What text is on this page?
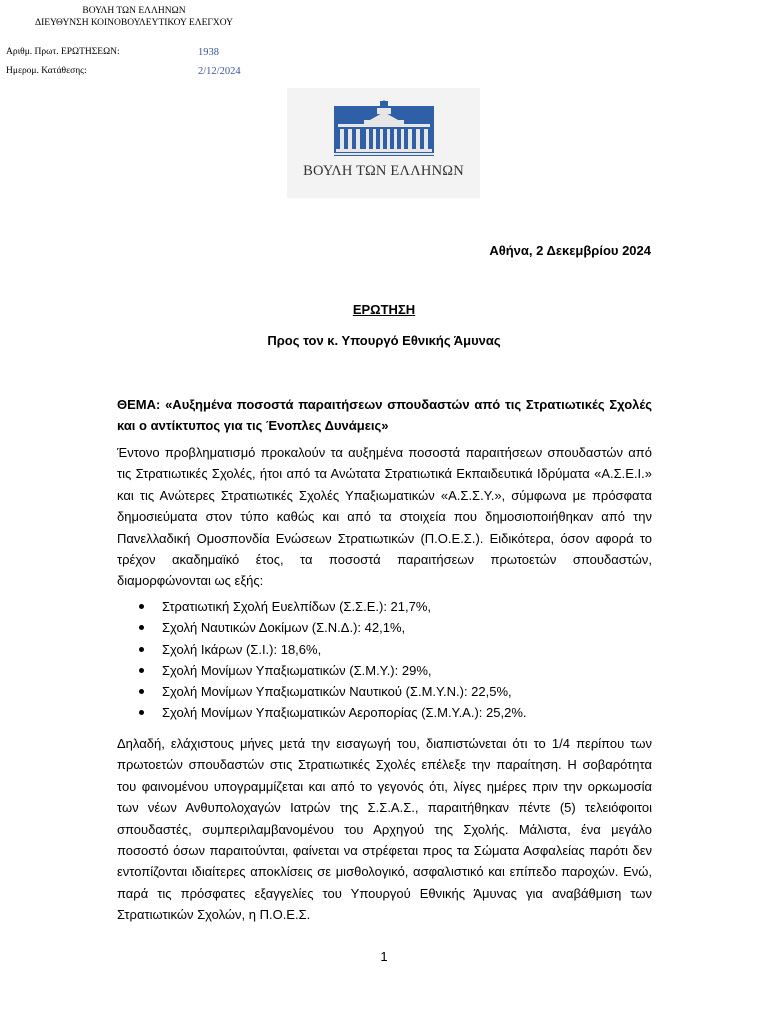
ΒΟΥΛΗ ΤΩΝ ΕΛΛΗΝΩΝ
ΔΙΕΥΘΥΝΣΗ ΚΟΙΝΟΒΟΥΛΕΥΤΙΚΟΥ ΕΛΕΓΧΟΥ
Αριθμ. Πρωτ. ΕΡΩΤΗΣΕΩΝ:	1938
Ημερομ. Κατάθεσης:	2/12/2024
ΒΟΥΛΗ ΤΩΝ ΕΛΛΗΝΩΝ
Αθήνα, 2 Δεκεμβρίου 2024
ΕΡΩΤΗΣΗ
Προς τον κ. Υπουργό Εθνικής Άμυνας
ΘΕΜΑ: «Αυξημένα ποσοστά παραιτήσεων σπουδαστών από τις Στρατιωτικές Σχολές και ο αντίκτυπος για τις Ένοπλες Δυνάμεις»
Έντονο προβληματισμό προκαλούν τα αυξημένα ποσοστά παραιτήσεων σπουδαστών από τις Στρατιωτικές Σχολές, ήτοι από τα Ανώτατα Στρατιωτικά Εκπαιδευτικά Ιδρύματα «Α.Σ.Ε.Ι.» και τις Ανώτερες Στρατιωτικές Σχολές Υπαξιωματικών «Α.Σ.Σ.Υ.», σύμφωνα με πρόσφατα δημοσιεύματα στον τύπο καθώς και από τα στοιχεία που δημοσιοποιήθηκαν από την Πανελλαδική Ομοσπονδία Ενώσεων Στρατιωτικών (Π.Ο.Ε.Σ.). Ειδικότερα, όσον αφορά το τρέχον ακαδημαϊκό έτος, τα ποσοστά παραιτήσεων πρωτοετών σπουδαστών, διαμορφώνονται ως εξής:
Στρατιωτική Σχολή Ευελπίδων (Σ.Σ.Ε.): 21,7%,
Σχολή Ναυτικών Δοκίμων (Σ.Ν.Δ.): 42,1%,
Σχολή Ικάρων (Σ.Ι.): 18,6%,
Σχολή Μονίμων Υπαξιωματικών (Σ.Μ.Υ.): 29%,
Σχολή Μονίμων Υπαξιωματικών Ναυτικού (Σ.Μ.Υ.Ν.): 22,5%,
Σχολή Μονίμων Υπαξιωματικών Αεροπορίας (Σ.Μ.Υ.Α.): 25,2%.
Δηλαδή, ελάχιστους μήνες μετά την εισαγωγή του, διαπιστώνεται ότι το 1/4 περίπου των πρωτοετών σπουδαστών στις Στρατιωτικές Σχολές επέλεξε την παραίτηση. Η σοβαρότητα του φαινομένου υπογραμμίζεται και από το γεγονός ότι, λίγες ημέρες πριν την ορκωμοσία των νέων Ανθυπολοχαγών Ιατρών της Σ.Σ.Α.Σ., παραιτήθηκαν πέντε (5) τελειόφοιτοι σπουδαστές, συμπεριλαμβανομένου του Αρχηγού της Σχολής. Μάλιστα, ένα μεγάλο ποσοστό όσων παραιτούνται, φαίνεται να στρέφεται προς τα Σώματα Ασφαλείας παρότι δεν εντοπίζονται ιδιαίτερες αποκλίσεις σε μισθολογικό, ασφαλιστικό και επίπεδο παροχών. Ενώ, παρά τις πρόσφατες εξαγγελίες του Υπουργού Εθνικής Άμυνας για αναβάθμιση των Στρατιωτικών Σχολών, η Π.Ο.Ε.Σ.
1
